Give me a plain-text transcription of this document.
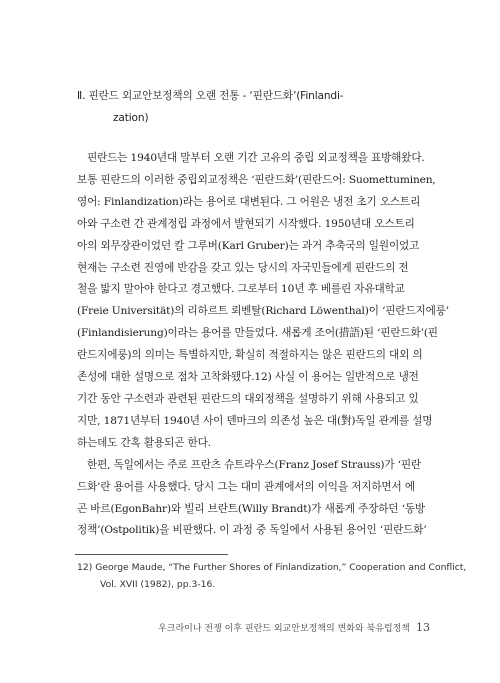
Ⅱ. 핀란드 외교안보정책의 오랜 전통 - ‘핀란드화’(Finlandi-
zation)
핀란드는 1940년대 말부터 오랜 기간 고유의 중립 외교정책을 표방해왔다.
보통 핀란드의 이러한 중립외교정책은 ‘핀란드화’(핀란드어: Suomettuminen,
영어: Finlandization)라는 용어로 대변된다. 그 어원은 냉전 초기 오스트리
아와 구소련 간 관계정립 과정에서 발현되기 시작했다. 1950년대 오스트리
아의 외무장관이었던 칼 그루버(Karl Gruber)는 과거 추축국의 일원이었고
현재는 구소련 진영에 반감을 갖고 있는 당시의 자국민들에게 핀란드의 전
철을 밟지 말아야 한다고 경고했다. 그로부터 10년 후 베를린 자유대학교
(Freie Universität)의 리하르트 뢰벤탈(Richard Löwenthal)이 ‘핀란드지에룽’
(Finlandisierung)이라는 용어를 만들었다. 새롭게 조어(措語)된 ‘핀란드화’(핀
란드지에룽)의 의미는 특별하지만, 확실히 적절하지는 않은 핀란드의 대외 의
존성에 대한 설명으로 점차 고착화됐다.12) 사실 이 용어는 일반적으로 냉전
기간 동안 구소련과 관련된 핀란드의 대외정책을 설명하기 위해 사용되고 있
지만, 1871년부터 1940년 사이 덴마크의 의존성 높은 대(對)독일 관계를 설명
하는데도 간혹 활용되곤 한다.
한편, 독일에서는 주로 프란츠 슈트라우스(Franz Josef Strauss)가 ‘핀란
드화’란 용어를 사용했다. 당시 그는 대미 관계에서의 이익을 저지하면서 에
곤 바르(EgonBahr)와 빌리 브란트(Willy Brandt)가 새롭게 주장하던 ‘동방
정책’(Ostpolitik)을 비판했다. 이 과정 중 독일에서 사용된 용어인 ‘핀란드화’
12) George Maude, “The Further Shores of Finlandization,” Cooperation and Conflict,
Vol. XVII (1982), pp.3-16.
우크라이나 전쟁 이후 핀란드 외교안보정책의 변화와 북유럽정책 13
